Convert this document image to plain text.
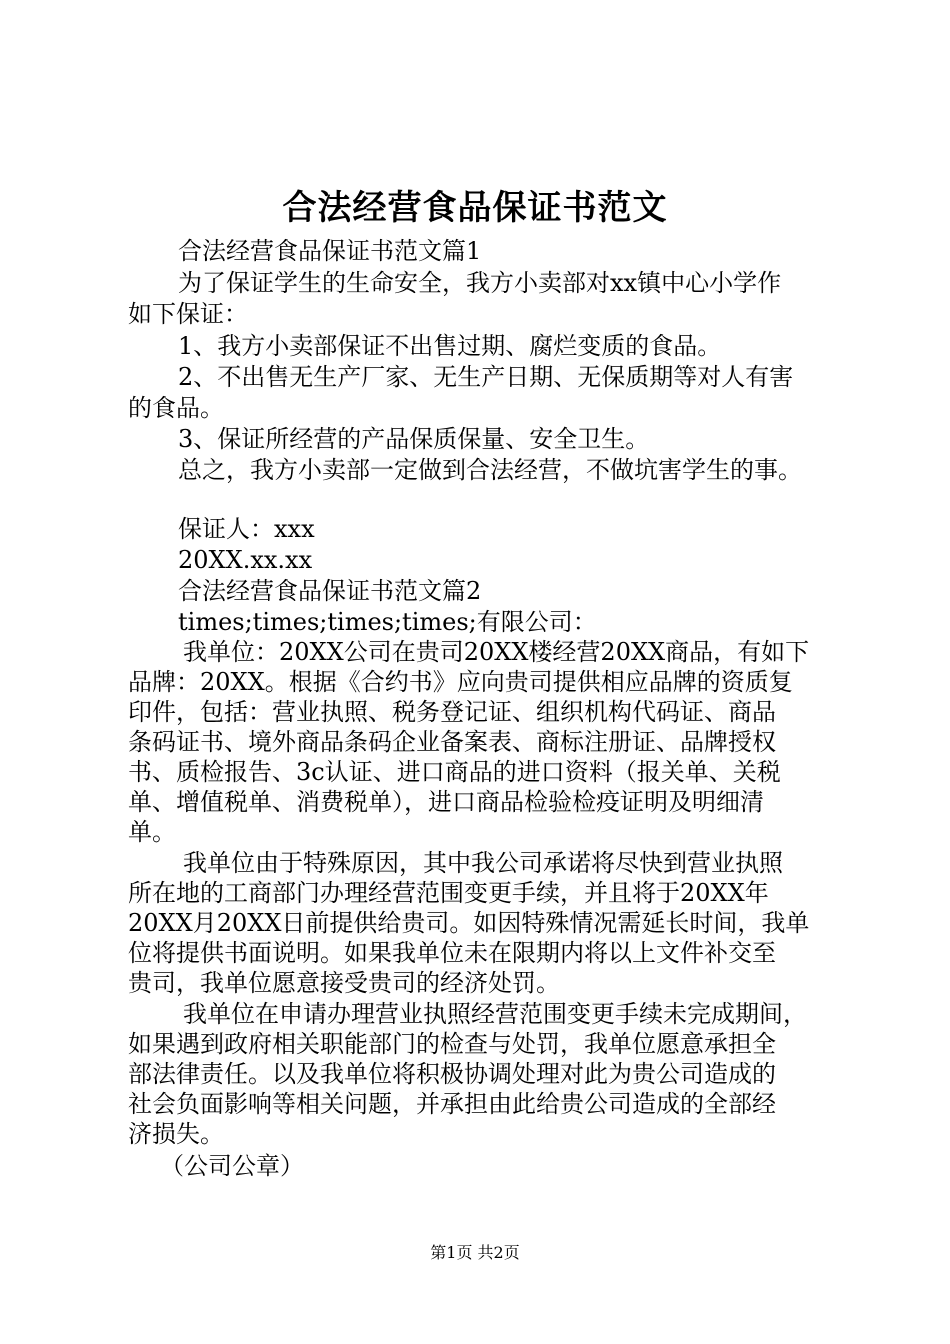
合法经营食品保证书范文
合法经营食品保证书范文篇1
为了保证学生的生命安全，我方小卖部对xx镇中心小学作
如下保证：
1、我方小卖部保证不出售过期、腐烂变质的食品。
2、不出售无生产厂家、无生产日期、无保质期等对人有害
的食品。
3、保证所经营的产品保质保量、安全卫生。
总之，我方小卖部一定做到合法经营，不做坑害学生的事。
保证人：xxx
20XX.xx.xx
合法经营食品保证书范文篇2
times;times;times;times;有限公司：
我单位：20XX公司在贵司20XX楼经营20XX商品，有如下
品牌：20XX。根据《合约书》应向贵司提供相应品牌的资质复
印件，包括：营业执照、税务登记证、组织机构代码证、商品
条码证书、境外商品条码企业备案表、商标注册证、品牌授权
书、质检报告、3c认证、进口商品的进口资料（报关单、关税
单、增值税单、消费税单），进口商品检验检疫证明及明细清
单。
我单位由于特殊原因，其中我公司承诺将尽快到营业执照
所在地的工商部门办理经营范围变更手续，并且将于20XX年
20XX月20XX日前提供给贵司。如因特殊情况需延长时间，我单
位将提供书面说明。如果我单位未在限期内将以上文件补交至
贵司，我单位愿意接受贵司的经济处罚。
我单位在申请办理营业执照经营范围变更手续未完成期间，
如果遇到政府相关职能部门的检查与处罚，我单位愿意承担全
部法律责任。以及我单位将积极协调处理对此为贵公司造成的
社会负面影响等相关问题，并承担由此给贵公司造成的全部经
济损失。
（公司公章）
第1页 共2页
